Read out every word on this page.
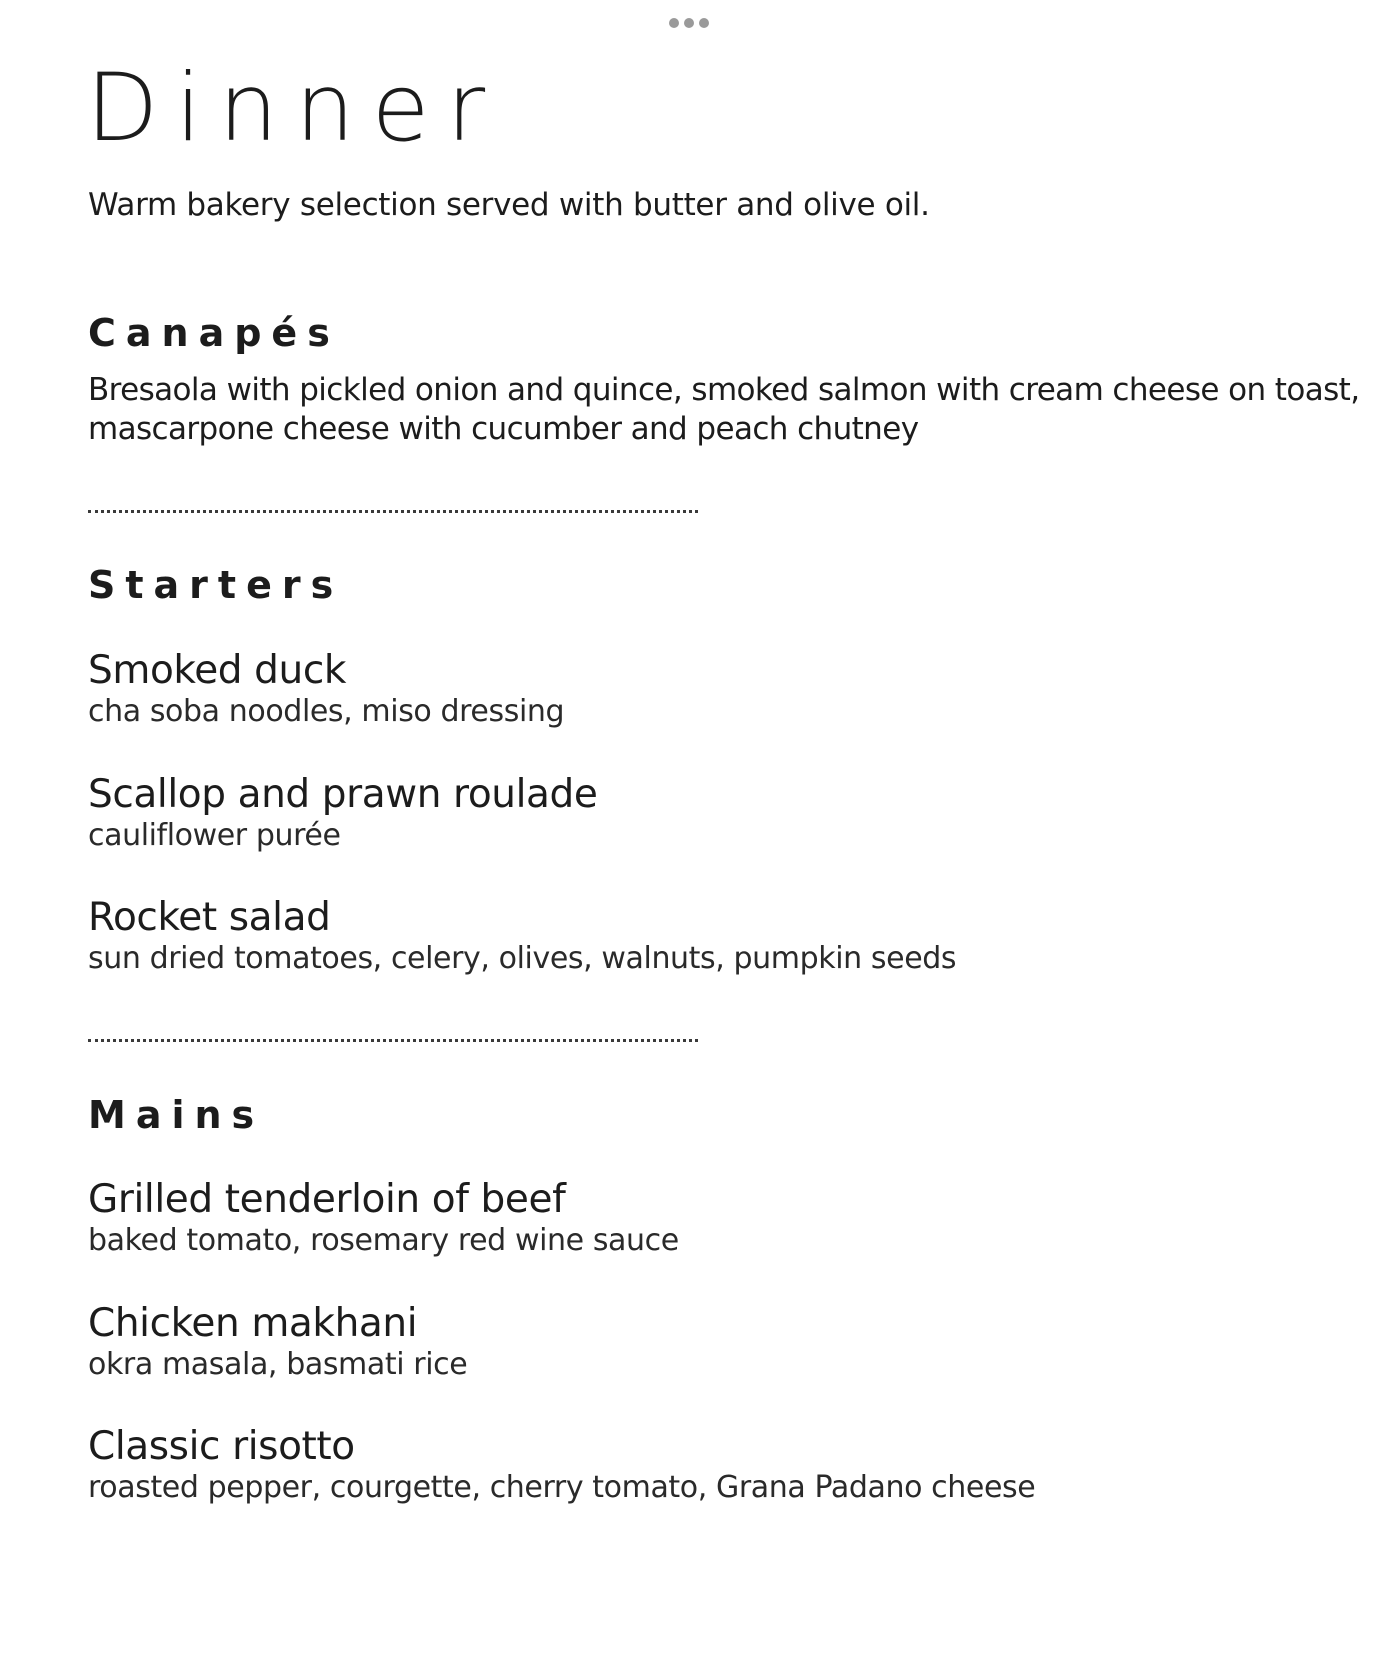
Dinner

Warm bakery selection served with butter and olive oil.

Canapés

Bresaola with pickled onion and quince, smoked salmon with cream cheese on toast,
mascarpone cheese with cucumber and peach chutney

Starters
Smoked duck
cha soba noodles, miso dressing
Scallop and prawn roulade
cauliflower purée
Rocket salad
sun dried tomatoes, celery, olives, walnuts, pumpkin seeds
Mains
Grilled tenderloin of beef
baked tomato, rosemary red wine sauce
Chicken makhani
okra masala, basmati rice
Classic risotto
roasted pepper, courgette, cherry tomato, Grana Padano cheese
